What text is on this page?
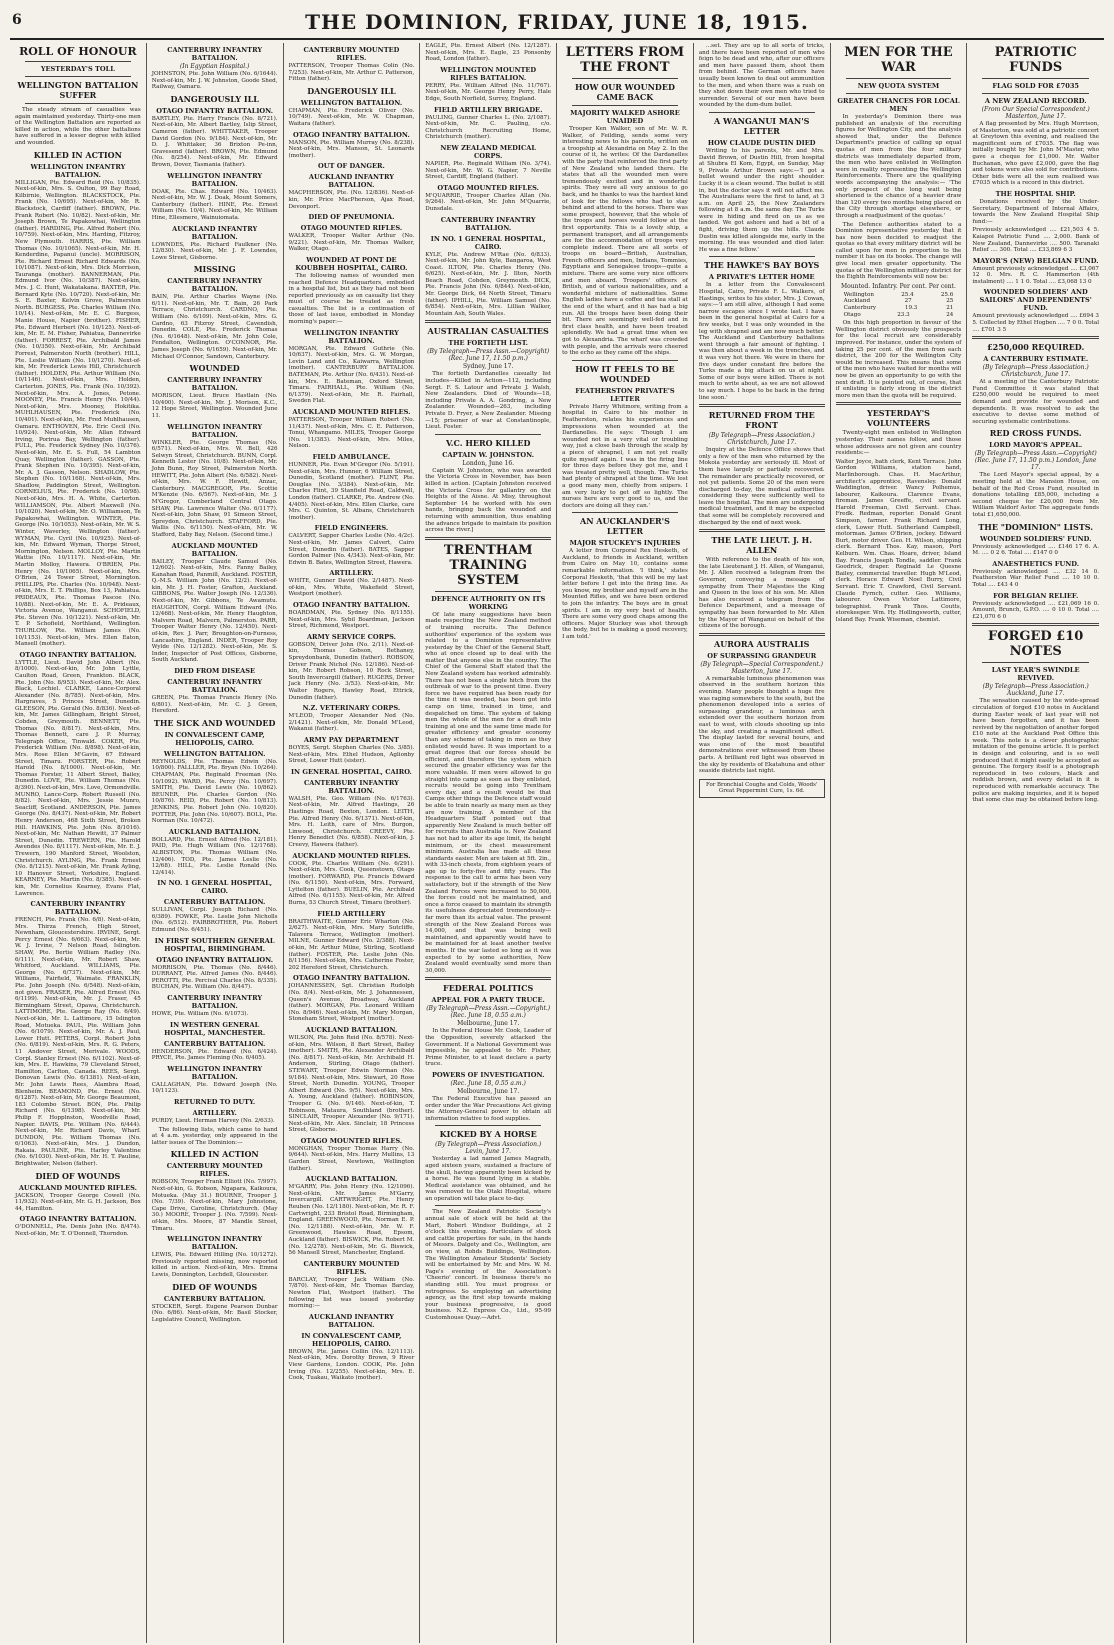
6	THE DOMINION, FRIDAY, JUNE 18, 1915.
ROLL OF HONOUR
YESTERDAY'S TOLL
WELLINGTON BATTALION SUFFER

The steady stream of casualties was again maintained yesterday. Thirty-one men of the Wellington Battalion are reported as killed in action, while the other battalions have suffered in a lesser degree with killed and wounded.

KILLED IN ACTION
WELLINGTON INFANTRY BATTALION.

MILLIGAN, Pte. Edward Reid (No. 10/835). Next-of-kin, Mrs. S. Oulton, 99 Bay Road, Kilbirnie, Wellington. BLACKSTOCK, Pte. Frank (No. 10/695). Next-of-kin, Mr. R. Blackstock, Cardiff (father). BROWN, Pte. Frank Robert (No. 10/82). Next-of-kin, Mr. Joseph Brown, Te Papakowhai, Wellington (father). HARDING, Pte. Alfred Robert (No. 10/759). Next-of-kin, Mrs. Harding, Fitzroy, New Plymouth. HARRIS, Pte. William Thomas (No. 10/1065). Next-of-kin, Mr. H. Kenderdine, Papanui (uncle). MORRISON, Pte. Richard Ernest Richard Edwards (No. 10/1087). Next-of-kin, Mrs. Dick Morrison, Tauranga (mother). BANNERMAN, Pte. Edmund Ivor (No. 10/387). Next-of-kin, Mrs. J. C. Hunt, Wakatakana. BAXTER, Pte. Bernard Kyte (No. 10/720). Next-of-kin, Mr. S. E. Baxter, Kelvin Grove, Palmerston North. BURGESS, Pte. Charles William (No. 10/14). Next-of-kin, Mr. E. C. Burgess, Manie House, Napier (brother). FISHER, Pte. Edward Herbert (No. 10/125). Next-of-kin, Mr. E. M. Fisher, Pahiatua, Dannevirke (father). FORREST, Pte. Archibald James (No. 10/350). Next-of-kin, Mr. Archibald Forrest, Palmerston North (brother). HILL, Pte. Leslie William (No. 10/1270). Next-of-kin, Mr. Frederick Lewis Hill, Christchurch (father). HOLDEN, Pte. Arthur William (No. 10/1146). Next-of-kin, Mrs. Holden, Carterton. JONES, Pte. Frank (No. 10/392). Next-of-kin, Mrs. A. Jones, Petone. MOONEY, Pte. Francis Henry (No. 10/44). Next-of-kin, Mrs. Mooney, Hokitika. MUHLHAUSEN, Pte. Frederick (No. 10/401). Next-of-kin, Mr. Fred Muhlhausen, Oamaru. ENTHOVEN, Pte. Eric Cecil (No. 10/924). Next-of-kin, Mr. Allan Edward Irving, Porirua Bay, Wellington (father). FULL, Pte. Frederick Sydney (No. 10/376). Next-of-kin, Mr. E. S. Full, 54 Lambton Quay, Wellington (father). GASSON, Pte. Frank Stephen (No. 10/395). Next-of-kin, Mr. A. J. Gasson, Nelson. SHADLOW, Pte. Stephen (No. 10/1168). Next-of-kin, Mrs. Shadlow, Paddington Street, Wellington. CORNELIUS, Pte. Frederick (No. 10/98). Next-of-kin, Mrs. H. A. White, Carterton. WILLIAMSON, Pte. Albert Maxwell (No. 10/1020). Next-of-kin, Mr. O. Williamson, Te Papakowhai, Wellington. WINTER, Pte. George (No. 10/1053). Next-of-kin, Mr. W. S. Winter, Waverley, Wellington (father). WYMAN, Pte. Cyril (No. 10/925). Next-of-kin, Mr. Edward Wyman, Thorpe Street, Mornington, Nelson. MOLLOY, Pte. Martin Wattie (No. 10/1117). Next-of-kin, Mr. Martin Molloy, Hawera. O'BRIEN, Pte. Henry (No. 10/1065). Next-of-kin, Mrs. O'Brien, 24 Tower Street, Mornington. PHILLIPS, Pte. Charles (No. 10/948). Next-of-kin, Mrs. E. T. Phillips, Box 13, Pahiatua. PRIDEAUX, Pte. Thomas Pascoe (No. 10/88). Next-of-kin, Mr. E. A. Prideaux, Victoria Avenue, Wanganui. SCHOFIELD, Pte. Steven (No. 10/1221). Next-of-kin, Mr. T. P. Schofield, Northland, Wellington. THURLOW, Pte. William James (No. 10/1153). Next-of-kin, Mrs. Ellen Eaton, Mansell (mother).

OTAGO INFANTRY BATTALION.

LYTTLE, Lieut. David John Albert (No. 8/1000). Next-of-kin, Mr. John Lyttle, Caulton Road, Green, Frankton. BLACK, Pte. John (No. 8/953). Next-of-kin, Mr. Alex. Black, Lochiel. CLARKE, Lance-Corporal Alexander (No. 8/785). Next-of-kin, Mrs. Hargraves, 5 Princes Street, Dunedin. GLEESON, Pte. Gerald (No. 8/836). Next-of-kin, Mr. James Gillingham, Bright Street, Cobden, Greymouth. BENNETT, Pte. Thomas (No. 8/817). Next-of-kin, Mrs. Thomas Bennett, care J. P. Murray, Telegraph Office, Tinwald. COKER, Pte. Frederick William (No. 8/898). Next-of-kin, Mrs. Rose Ellen M'Gavin, 67 Edward Street, Timaru. FORSTER, Pte. Robert Harold (No. 8/1000). Next-of-kin, Mr. Thomas Forster, 11 Albert Street, Bailey, Dunedin. LOVE, Pte. William Thomas (No. 8/390). Next-of-kin, Mrs. Love, Ormondville. MUNRO, Lance-Corp. Robert Russell (No. 8/82). Next-of-kin, Mrs. Jessie Munro, Seacliff, Scotland. ANDERSON, Pte. James George (No. 8/437). Next-of-kin, Mr. Robert Henry Anderson, 468 Sixth Street, Broken Hill. HAWKINS, Pte. John (No. 8/1016). Next-of-kin, Mr. Nathan Hewitt, 37 Palmer Street, Dunedin. TREWERN, Pte. Harold Awendes (No. 8/1117). Next-of-kin, Mr. E. J. Trewern, 190 Manford Street, Woolston, Christchurch. AYLING, Pte. Frank Ernest (No. 8/1215). Next-of-kin, Mr. Frank Ayling, 10 Hanover Street, Yorkshire, England. KEARNEY, Pte. Martin (No. 8/385). Next-of-kin, Mr. Cornelius Kearney, Evans Flat, Lawrence.

CANTERBURY INFANTRY BATTALION.

FRENCH, Pte. Frank (No. 6/8). Next-of-kin, Mrs. Thirza French, High Street, Newnham, Gloucestershire. IRVINE, Sergt. Percy Ernest (No. 6/663). Next-of-kin, Mr. W. J. Irvine, 7 Nelson Road, Islington. SHAW, Pte. Bertie William Radley (No. 6/111). Next-of-kin, Mr. Robert Shaw, Whitford, Auckland. WILLIAMS, Pte. George (No. 6/737). Next-of-kin, Mr. Williams, Fairfield, Waimate. FRANKLIN, Pte. John Joseph (No. 6/548). Next-of-kin, not given. FRASER, Pte. Alfred Ernest (No. 6/1199). Next-of-kin, Mr. J. Fraser, 45 Birmingham Street, Opawa, Christchurch. LATTIMORE, Pte. George Ray (No. 6/49). Next-of-kin, Mr. L. Lattimore, 15 Islington Road, Motueka. PAUL, Pte. William John (No. 6/1079). Next-of-kin, Mr. A. J. Paul, Lower Hutt. PETERS, Corpl. Robert John (No. 6/819). Next-of-kin, Mrs. R. G. Peters, 11 Andover Street, Merivale. WOODS, Corpl. Stanley Ernest (No. 6/1102). Next-of-kin, Mrs. E. Hawkins, 79 Cleveland Street, Hamilton, Carlton, Canada. REES, Sergt. Donovan Lewis (No. 6/1381). Next-of-kin, Mr. John Lewis Rees, Alambra Road, Blenheim. BEAMOND, Pte. Ernest (No. 6/1287). Next-of-kin, Mr. George Beaumont, 183 Colombo Street. BON, Pte. Philip Richard (No. 6/1398). Next-of-kin, Mr. Philip F. Hopplnston, Woodville Road, Napier. DAVIS, Pte. William (No. 6/444). Next-of-kin, Mr. Richard Davis, Wharf. DUNDON, Pte. William Thomas (No. 6/1063). Next-of-kin, Mrs. J. Dundon, Rakaia. PAULINE, Pte. Harley Valentine (No. 6/1030). Next-of-kin, Mr. H. T. Pauline, Brightwater, Nelson (father).

DIED OF WOUNDS
AUCKLAND MOUNTED RIFLES.

JACKSON, Trooper George Cowell (No. 11/932). Next-of-kin, Mr. G. H. Jackson, Box 44, Hamilton.

OTAGO INFANTRY BATTALION.

O'DONNELL, Pte. Denis John (No. 8/474). Next-of-kin, Mr. T. O'Donnell, Thorndon.

CANTERBURY INFANTRY BATTALION.
(In Egyptian Hospital.)

JOHNSTON, Pte. John William (No. 6/1644). Next-of-kin, Mr. J. W. Johnston, Goode Shed, Railway, Oamaru.

DANGEROUSLY ILL
OTAGO INFANTRY BATTALION.

BARTLEY, Pte. Harry Francis (No. 8/721). Next-of-kin, Mr. Albert Bartley, Islip Street, Cameron (father). WHITTAKER, Trooper David Gordon (No. 9/184). Next-of-kin, Mr. D. J. Whittaker, 36 Brixton Pe-inn, Gravesend (father). BROWN, Pte. Edmund (No. 8/254). Next-of-kin, Mr. Edward Brown, Dover, Tasmania (father).

WELLINGTON INFANTRY BATTALION.

DOAK, Pte. Chas. Edward (No. 10/463). Next-of-kin, Mr. W. J. Doak, Mount Somers, Canterbury (father). HINE, Pte. Ernest William (No. 10/4). Next-of-kin, Mr. William Hine, Ellesmere, Wainuiomata.

AUCKLAND INFANTRY BATTALION.

LOWNDES, Pte. Richard Faulkner (No. 12/830). Next-of-kin, Mr. J. F. Lowndes, Lowe Street, Gisborne.

MISSING
CANTERBURY INFANTRY BATTALION.

BAIN, Pte. Arthur Charles Wayne (No. 6/11). Next-of-kin, Mr. T. Bain, 26 Park Terrace, Christchurch. CARDNO, Pte. William (No. 6/109). Next-of-kin, Mrs. G. Cardno, 63 Fitzroy Street, Cavendish, Dunedin. COLE, Pte. Frederick Thomas (No. 6/1648). Next-of-kin, Mr. John Cole, Fendalton, Wellington. O'CONNOR, Pte. James Joseph (No. 6/1659). Next-of-kin, Mr. Michael O'Connor, Sandown, Canterbury.

WOUNDED
CANTERBURY INFANTRY BATTALION.

MORISON, Lieut. Bruce Hastlain (No. 10/400). Next-of-kin, Mr. J. Morison, K.C., 12 Hope Street, Wellington. Wounded June 11.

WELLINGTON INFANTRY BATTALION.

WINKLER, Pte. George Thomas (No. 6/571). Next-of-kin, Mrs. W. Bell, 426 Selwyn Street, Christchurch. BUNN, Corpl. Kenneth Lester (No. 10/8). Next-of-kin, Mr. John Bunn, Roy Street, Palmerston North. HEWITT, Pte. John Albert (No. 6/582). Next-of-kin, Mrs. W. F. Hewitt, Anzac, Canterbury. MACGREGOR, Pte. Scottie M'Kenzie (No. 6/567). Next-of-kin, Mr. J. M'Gregor, Cumberland Central Otago. SHAW, Pte. Lawrence Walter (No. 6/1177). Next-of-kin, John Shaw, 91 Simeon Street, Spreydon, Christchurch. STAFFORD, Pte. Wallis (No. 6/1150). Next-of-kin, Mr. W. Stafford, Eaby Bay, Nelson. (Second time.)

AUCKLAND MOUNTED BATTALION.

BAILEY, Trooper Claude Samuel (No. 12/602). Next-of-kin, Mrs. Fanny Bailey, Kanahan Road, Panmill, Auckland. FOSTER, Q.-M.S. William John (No. 12/2). Next-of-kin, Mr. J. H. Foster, Grafton, Auckland. GIBBONS, Pte. Walter Joseph (No. 12/336). Next-of-kin, Mr. Gibbons, Te Awamutu. HAUGHTON, Corpl. William Edward (No. 12/468). Next-of-kin, Mr. Henry Haughton, Malvern Road, Malvern, Palmerston. PARR, Trooper Walter Henry (No. 12/450). Next-of-kin, Rev. J. Parr, Broughton-on-Furness, Lancashire, England. INDER, Trooper Roy Wylde (No. 12/1282). Next-of-kin, Mr. S. Inder, Inspector of Post Offices, Gisborne, South Auckland.

DIED FROM DISEASE
CANTERBURY INFANTRY BATTALION.

GREEN, Pte. Thomas Francis Henry (No. 6/801). Next-of-kin, Mr. C. J. Green, Hereford.

THE SICK AND WOUNDED
IN CONVALESCENT CAMP, HELIOPOLIS, CAIRO.
WELLINGTON BATTALION.

REYNOLDS, Pte. Thomas Edwin (No. 10/800). FALLLER, Pte. Bryan (No. 10/264). CHAPMAN, Pte. Reginald Freeman (No. 10/1092). WARD, Pte. Percy (No. 10/697). SMITH, Pte. David Lewis (No. 10/862). BEUNER, Pte. Charles Gordon (No. 10/876). REID, Pte. Robert (No. 10/813). JENKINS, Pte. Robert John (No. 10/820). POTTER, Pte. John (No. 10/607). BOLL, Pte. Norman (No. 10/472).

AUCKLAND BATTALION.

BOLLARD, Pte. Ernest Alfred (No. 12/181). PAID, Pte. Hugh William (No. 12/1768). ALBISTON, Pte. Thomas William (No. 12/406). TOD, Pte. James Leslie (No. 12/68). HILL, Pte. Leslie Ronald (No. 12/414).

IN NO. 1 GENERAL HOSPITAL, CAIRO.
CANTERBURY BATTALION.

SULLIVAN, Corpl. Joseph Richard (No. 6/389). FOWKE, Pte. Leslie John Nicholls (No. 6/512). FAIRBROTHER, Pte. Robert Edmund (No. 6/451).

IN FIRST SOUTHERN GENERAL HOSPITAL, BIRMINGHAM.
OTAGO INFANTRY BATTALION.

MORRISON, Pte. Thomas (No. 8/446). DURRANT, Pte. Alfred James (No. 8/446). PEROTTI, Pte. Percival Charles (No. 8/335). BUCHAN, Pte. William (No. 8/447).

CANTERBURY INFANTRY BATTALION.

HOWE, Pte. William (No. 6/1073).

IN WESTERN GENERAL HOSPITAL, MANCHESTER.
CANTERBURY BATTALION.

HENDERSON, Pte. Edward (No. 6/424). PRYCE, Pte. James Fleming (No. 6/405).

WELLINGTON INFANTRY BATTALION.

CALLAGHAN, Pte. Edward Joseph (No. 10/1123).

RETURNED TO DUTY.
ARTILLERY.

PURDY, Lieut. Herman Harvey (No. 2/633).

The following lists, which came to hand at 4 a.m. yesterday, only appeared in the latter issues of The Dominion:—

KILLED IN ACTION
CANTERBURY MOUNTED RIFLES.

ROBSON, Trooper Frank Elliott (No. 7/997). Next-of-kin, G. Robson, Ngapara, Kaikoura, Motueka. (May 31.) BOURNE, Trooper J. (No. 7/39). Next-of-kin, Mary Johnstone, Cape Drive, Caroline, Christchurch. (May 30.) MOORE, Trooper J. (No. 7/599). Next-of-kin, Mrs. Moore, 87 Mandle Street, Timaru.

WELLINGTON INFANTRY BATTALION.

LEWIS, Pte. Edward Hilling (No. 10/1272). Previously reported missing, now reported killed in action. Next-of-kin, Mrs. Emma Lewis, Donnington, Lechdell, Gloucester.

DIED OF WOUNDS
CANTERBURY BATTALION.

STOCKER, Sergt. Eugene Pearson Dunbar (No. 6/86). Next-of-kin, Mr. Basil Stocker, Legislative Council, Wellington.

CANTERBURY MOUNTED RIFLES.

PATTERSON, Trooper Thomas Colin (No. 7/253). Next-of-kin, Mr. Arthur C. Patterson, Fitton (father).

DANGEROUSLY ILL
WELLINGTON BATTALION.

CHAPMAN, Pte. Frederick Oliver (No. 10/749). Next-of-kin, Mr. W. Chapman, Waitara (father).

OTAGO INFANTRY BATTALION.

MANSON, Pte. William Murray (No. 8/238). Next-of-kin, Mrs. Manson, St. Leonards (mother).

OUT OF DANGER.
AUCKLAND INFANTRY BATTALION.

MACPHERSON, Pte. (No. 12/836). Next-of-kin, Mr. Price MacPherson, Ajax Road, Devonport.

DIED OF PNEUMONIA.
OTAGO MOUNTED RIFLES.

WALKER, Trooper Walter Arthur (No. 9/221). Next-of-kin, Mr. Thomas Walker, Walker, Otago.

WOUNDED AT PONT DE KOUBBEH HOSPITAL, CAIRO.

The following names of wounded men reached Defence Headquarters, embodied in a hospital list, but as they had not been reported previously as on casualty list they must of course be treated as fresh casualties. The list is a continuation of those of last issue, embodied in Monday morning's paper:—

WELLINGTON INFANTRY BATTALION.

MORGAN, Pte. Edward Guthrie (No. 10/637). Next-of-kin, Mrs. G. W. Morgan, Levin Land and Co., Kaiwarra, Wellington (mother). CANTERBURY BATTALION. BATEMAN, Pte. Arthur (No. 6/431). Next-of-kin, Mrs. E. Bateman, Oxford Street, Timaru. FAIRHALL, Pte. William (No. 6/1379). Next-of-kin, Mr. R. Fairhall, Sweden Flat.

AUCKLAND MOUNTED RIFLES.

PATTERSON, Trooper William Robert (No. 11/437). Next-of-kin, Mrs. C. E. Patterson, Tonui, Whangamo. MILES, Trooper George (No. 11/383). Next-of-kin, Mrs. Miles, Nelson.

FIELD AMBULANCE.

HUNNER, Pte. Evan M'Gregor (No. 5/191). Next-of-kin, Mrs. Hunner, 6 William Street, Dunedin, Scotland (mother). FLINT, Pte. Douglas (No. 3/384). Next-of-kin, Mr. Charles Flint, 39 Stanfield Road, Caldwell, London (father). CLARKE, Pte. Andrew (No. 4/405). Next-of-kin, Mrs. Ellen Clarke, care Mrs. C. Quinton, St. Albans, Christchurch (mother).

FIELD ENGINEERS.

CALVERT, Sapper Charles Leslie (No. 4/2c). Next-of-kin, Mr. James Calvert, Cairo Street, Dunedin (father). BATES, Sapper Gordon Palmer (No. 4/343). Next-of-kin, Mr. Edwin B. Bates, Wellington Street, Hawera.

ARTILLERY.

WHITE, Gunner David (No. 2/1487). Next-of-kin, Mrs. White, Wakefield Street, Westport (mother).

OTAGO INFANTRY BATTALION.

BOARDMAN, Pte. Sydney (No. 8/1155). Next-of-kin, Mrs. Sybil Boardman, Jackson Street, Richmond, Westport.

ARMY SERVICE CORPS.

GOBSON, Driver John (No. 2/11). Next-of-kin, Thomas Gobson, Bethaney, Spreydonbank, Dunedin (father). ROBSON, Driver Frank Nichol (No. 12/186). Next-of-kin, Mr. Robert Robson, 10 Rock Street, South Invercargill (father). RUGERS, Driver Jack Henry (No. 3/53). Next-of-kin, Mr. Walter Rogers, Hawley Road, Ettrick, Dunedin (father).

N.Z. VETERINARY CORPS.

M'LEOD, Trooper Alexander Ned (No. 2/1421). Next-of-kin, Mr. Donald M'Leod, Wakanui (father).

ARMY PAY DEPARTMENT

BOYES, Sergt. Stephen Charles (No. 3/85). Next-of-kin, Mrs. Ethel Hudson, Aglionby Street, Lower Hutt (sister).

IN GENERAL HOSPITAL, CAIRO.
CANTERBURY INFANTRY BATTALION.

WALSH, Pte. Geo. William (No. 6/1763). Next-of-kin, Mr. Alfred Hastings, 26 Hastings Road, Bexton, London. LEITH, Pte. Alfred Henry (No. 6/1371). Next-of-kin, Mrs. H. Leith, care of Mrs. Burgon, Linwood, Christchurch. CREEVY, Pte. Henry Benedict (No. 6/858). Next-of-kin, J. Creevy, Hawera (father).

AUCKLAND MOUNTED RIFLES.

COOK, Pte. Charles William (No. 6/291). Next-of-kin, Mrs. Cook, Queenstown, Otago (mother). FORWARD, Pte. Francis Edward (No. 6/1150). Next-of-kin, Mrs. Forward, Lyttelton (father). BUELIN, Pte. Archibald Alfred (No. 6/1155). Next-of-kin, Mr. Alfred Burns, 53 Church Street, Timaru (brother).

FIELD ARTILLERY

BRAITHWAITE, Gunner Eric Wharton (No. 2/627). Next-of-kin, Mrs. Mary Sutcliffe, Talavera Terrace, Wellington (mother). MILNE, Gunner Edward (No. 2/388). Next-of-kin, Mr. Arthur Milne, Stirling, Scotland (father). FOSTER, Pte. Leslie John (No. 8/1156). Next-of-kin, Mrs. Catherine Foster, 202 Hereford Street, Christchurch.

OTAGO INFANTRY BATTALION.

JOHANNESSEN, Sgt. Christian Rudolph (No. 8/4). Next-of-kin, Mr. J. Johannessen, Queen's Avenue, Broadway, Auckland (father). MORGAN, Pte. Leonard William (No. 8/946). Next-of-kin, Mr. Mary Morgan, Stoneham Street, Westport (mother).

AUCKLAND BATTALION.

WILSON, Pte. John Reid (No. 8/578). Next-of-kin, Mrs. Wilson, 8 Bart Street, Bailey (mother). SMITH, Pte. Alexander Archibald (No. 8/817). Next-of-kin, Mr. Archibald H. Anderson, Stirling, Otago (father). STEWART, Trooper Edwin Norman (No. 9/184). Next-of-kin, Mrs. Stewart, 20 Rose Street, North Dunedin. YOUNG, Trooper Albert Edward (No. 9/5). Next-of-kin, Mrs. A. Young, Auckland (father). ROBINSON, Trooper G. (No. 9/146). Next-of-kin, T. Robinson, Mataura, Southland (brother). SINCLAIR, Trooper Alexander (No. 9/171). Next-of-kin, Mr. Alex. Sinclair, 18 Princess Street, Gisborne.

OTAGO MOUNTED RIFLES.

MONGHAN, Trooper Thomas Harry (No. 9/644). Next-of-kin, Mrs. Harry Mullins, 13 Garden Street, Newtown, Wellington (father).

AUCKLAND BATTALION.

M'GARRY, Pte. John Henry (No. 12/1096). Next-of-kin, Mr. James M'Garry, Invercargill. CARTWRIGHT, Pte. Henry Reuben (No. 12/1180). Next-of-kin, Mr. R. F. Cartwright, 233 Bristol Road, Birmingham, England. GREENWOOD, Pte. Norman E. P. (No. 12/1188). Next-of-kin, Mr. W. F. Greenwood, Hawkes Road, Epsom, Auckland (father). BISWICK, Pte. Robert M. (No. 12/278). Next-of-kin, Mr. G. Biswick, 56 Mansell Street, Manchester, England.

CANTERBURY MOUNTED RIFLES.

BARCLAY, Trooper Jack William (No. 7/870). Next-of-kin, Mr. Thomas Barclay, Newton Flat, Westport (father). The following list was issued yesterday morning:—

AUCKLAND INFANTRY BATTALION.
IN CONVALESCENT CAMP, HELIOPOLIS, CAIRO.

BROWN, Pte. James Collin (No. 12/1113). Next-of-kin, Mrs. Dorothy Brown, 9 River View Gardens, London. COOK, Pte. John Irving (No. 12/255). Next-of-kin, Mrs. E. Cook, Tuakau, Waikato (mother).

EAGLE, Pte. Ernest Albert (No. 12/1287). Next-of-kin, Mrs. E. Eagle, 23 Ponsonby Road, London (father).

WELLINGTON MOUNTED RIFLES BATTALION.

PERRY, Pte. William Alfred (No. 11/767). Next-of-kin, Mr. George Henry Perry, Hale Edge, South Norfield, Surrey, England.

FIELD ARTILLERY BRIGADE.

PAULING, Gunner Charles L. (No. 2/1087). Next-of-kin, Mr. C. Pauling, c/o. Christchurch Recruiting Home, Christchurch (mother).

NEW ZEALAND MEDICAL CORPS.

NAPIER, Pte. Reginald William (No. 3/74). Next-of-kin, Mr. W. G. Napier, 7 Neville Street, Cardiff, England (father).

OTAGO MOUNTED RIFLES.

M'QUARRIE, Trooper Charles Allan (No. 9/264). Next-of-kin, Mr. John M'Quarrie, Dunsdale.

CANTERBURY INFANTRY BATTALION.
IN NO. 1 GENERAL HOSPITAL, CAIRO.

KYLE, Pte. Andrew M'Rae (No. 6/833). Next-of-kin, Mr. John Kyle, Bangaroa, West Coast. ILTON, Pte. Charles Henry (No. 6/625). Next-of-kin, Mr. J. Ilton, North Beach Road, Cobden, Greymouth. DICK, Pte. Francis John (No. 6/844). Next-of-kin, Mr. George Dick, 64 North Street, Timaru (father). IPHILL, Pte. William Samuel (No. 6/854). Next-of-kin, Mrs. Lillian Walker, Mountain Ash, South Wales.

AUSTRALIAN CASUALTIES
THE FORTIETH LIST.
(By Telegraph—Press Assn.—Copyright) (Rec. June 17, 11.50 p.m.)
Sydney, June 17.

The fortieth Dardanelles casualty list includes—Killed in Action—112, including Sergt. F. S. Latour and Private J. Walsh, New Zealanders. Died of Wounds—18, including Private A. A. Gondring, a New Zealander. Wounded—263, including Private D. Fryer, a New Zealander. Missing—15; prisoner of war at Constantinople, Lieut. Foster.

V.C. HERO KILLED
CAPTAIN W. JOHNSTON.
London, June 16.

Captain W. Johnston, who was awarded the Victoria Cross in November, has been killed in action. [Captain Johnston received the Victoria Cross for gallantry on the Heights of the Aisne. At Misy, throughout September 14 he worked with his own hands, bringing back the wounded and returning with ammunition, thus enabling the advance brigade to maintain its position across the river.]

TRENTHAM TRAINING SYSTEM
DEFENCE AUTHORITY ON ITS WORKING

Of late many suggestions have been made respecting the New Zealand method of training recruits. The Defence authorities' experience of the system was related to a Dominion representative yesterday by the Chief of the General Staff, who at once closed up to deal with the matter that anyone else in the country. The Chief of the General Staff stated that the New Zealand system has worked admirably. There has not been a single hitch from the outbreak of war to the present time. Every force we have required has been ready for the time it was needed, has been got into camp on time, trained in time, and despatched on time. The system of taking men the whole of the men for a draft into training at one and the same time made for greater efficiency and greater economy than any scheme of taking in men as they enlisted would have. It was important to a great degree that our forces should be efficient, and therefore the system which secured the greater efficiency was far the more valuable. If men were allowed to go straight into camp as soon as they enlisted, recruits would be going into Trentham every day, and a result would be that Camps other things the Defence staff would be able to train nearly as many men as they are now training. A member of the Headquarters Staff pointed out that apparently New Zealand is much better off for recruits than Australia is. New Zealand has not had to alter its age limit, its height minimum, or its chest measurement minimum. Australia has made all these standards easier. Men are taken at 5ft. 2in., with 33-inch chests, from eighteen years of age up to forty-five and fifty years. The response to the call to arms has been very satisfactory, but if the strength of the New Zealand Forces were increased to 50,000, the forces could not be maintained, and once a force ceased to maintain its strength its usefulness depreciated tremendously—far more than its actual value. The present strength of the New Zealand Forces was 14,000, and that was being well maintained, and apparently would have to be maintained for at least another twelve months. If the war lasted so long as it was expected to by some authorities, New Zealand would eventually send more than 30,000.

FEDERAL POLITICS
APPEAL FOR A PARTY TRUCE.
(By Telegraph—Press Assn.—Copyright.) (Rec. June 18, 0.55 a.m.)
Melbourne, June 17.

In the Federal House Mr. Cook, Leader of the Opposition, severely attacked the Government. If a National Government was impossible, he appealed to Mr. Fisher, Prime Minister, to at least declare a party truce.

POWERS OF INVESTIGATION.
(Rec. June 18, 0.55 a.m.)
Melbourne, June 17.

The Federal Executive has passed an order under the War Precautions Act giving the Attorney-General power to obtain all information relative to food supplies.

KICKED BY A HORSE
(By Telegraph—Press Association.) Levin, June 17.

Yesterday a lad named James Magrath, aged sixteen years, sustained a fracture of the skull, having apparently been kicked by a horse. He was found lying in a stable. Medical assistance was obtained, and he was removed to the Otaki Hospital, where an operation will take place to-day.

The New Zealand Patriotic Society's annual sale of stock will be held at the Mart, Robert Windsor Buildings, at 2 o'clock this evening. Particulars of stock and cattle properties for sale, in the hands of Messrs. Dalgety and Co., Wellington, are on view, at Rohds Buildings, Wellington. The Wellington Amateur Students' Society will be entertained by Mr. and Mrs. W. M. Page's evening of the Association's 'Cheerio' concert. In business there's no standing still. You must progress or retrogress. So employing an advertising agency, as the first step towards making your business progressive, is good business. N.Z. Express Co., Ltd., 95-99 Customhouse Quay.—Advt.

LETTERS FROM THE FRONT
HOW OUR WOUNDED CAME BACK
MAJORITY WALKED ASHORE UNAIDED

Trooper Ken Walker, son of Mr. W. R. Walker, of Feilding, sends some very interesting news to his parents, written on a troopship at Alexandria on May 2. In the course of it, he writes: Of the Dardanelles with the party that reinforced the first party of New Zealand who landed there. He states that all the wounded men were tremendously excited and in wonderful spirits. They were all very anxious to go back, and he thanks to was the hardest kind of look for the fellows who had to stay behind and attend to the horses. There was some prospect, however, that the whole of the troops and horses would follow at the first opportunity. This is a lovely ship, a permanent transport, and all arrangements are for the accommodation of troops very complete indeed. There are all sorts of troops on board—British, Australian, French officers and men, Indians, Tommies, Egyptians and Senegalese troops—quite a mixture. There are some very nice officers and men aboard. Troopers' officers of British, and of various nationalities, and a wonderful mixture of nationalities. Some English ladies have a coffee and tea stall at the end of the wharf, and it has had a big run. All the troops have been doing their bit. There are seemingly well-fed and in first class health, and have been treated splendidly. We had a great time when we got to Alexandria. The wharf was crowded with people, and the arrivals were cheered to the echo as they came off the ships.

HOW IT FEELS TO BE WOUNDED
FEATHERSTON PRIVATE'S LETTER

Private Harry Whitmore, writing from a hospital in Cairo to his mother in Featherston, relates his experiences and impressions when wounded at the Dardanelles. He says: 'Though I am wounded not in a very vital or troubling way, just a close bash through the scalp by a piece of shrapnel, I am not yet really quite myself again. I was in the firing line for three days before they got me, and I was treated pretty well, though. The Turks had plenty of shrapnel at the time. We lost a good many men, chiefly from snipers. I am very lucky to get off so lightly. The nurses here are very good to us, and the doctors are doing all they can.'

AN AUCKLANDER'S LETTER
MAJOR STUCKEY'S INJURIES

A letter from Corporal Rex Hesketh, of Auckland, to friends in Auckland, written from Cairo on May 10, contains some remarkable information. 'I think,' states Corporal Hesketh, 'that this will be my last letter before I get into the firing line. As you know, my brother and myself are in the Mounted Rifles, and we have been ordered to join the infantry. The boys are in great spirits. I am in my very best of health. There are some very good chaps among the officers. Major Stuckey was shot through the body, but he is making a good recovery, I am told.'

...set. They are up to all sorts of tricks, and there have been reported of men who feign to be dead and who, after our officers and men have passed them, shoot them from behind. The German officers have usually been known to deal out ammunition to the men, and when there was a rush on they shot down their own men who tried to surrender. Several of our men have been wounded by the dum-dum bullet.

A WANGANUI MAN'S LETTER
HOW CLAUDE DUSTIN DIED

Writing to his parents, Mr. and Mrs. David Brown, of Dustin Hill, from hospital at Shubra El Kom, Egypt, on Sunday, May 9, Private Arthur Brown says:—'I got a bullet wound under the right shoulder. Lucky it is a clean wound. The bullet is still in, but the doctor says it will not affect me. The Australians were the first to land, at 3 a.m. on April 25, the New Zealanders following at 8 a.m. the same day. The Turks were in hiding and fired on us as we landed. We got ashore and had a bit of a fight, driving them up the hills. Claude Dustin was killed alongside me, early in the morning. He was wounded and died later. He was a fine fellow.'

THE HAWKE'S BAY BOYS
A PRIVATE'S LETTER HOME

In a letter from the Convalescent Hospital, Cairo, Private F. L. Walkers, of Hastings, writes to his sister, Mrs. J. Cowan, says:—'I am still alive, although I had some narrow escapes since I wrote last. I have been in the general hospital at Cairo for a few weeks, but I was only wounded in the leg with shrapnel and am now much better. The Auckland and Canterbury battalions went through a fair amount of fighting. I was then about a week in the trenches, and it was very hot there. We were in there for five days under constant fire before the Turks made a big attack on us at night. Some of our boys were killed. There is not much to write about, as we are not allowed to say much. I hope to be back in the firing line soon.'

RETURNED FROM THE FRONT
(By Telegraph—Press Association.) Christchurch, June 17.

Inquiry at the Defence Office shows that only a few of the men who returned by the Mokoia yesterday are seriously ill. Most of them have largely or partially recovered. The remainder are practically recovered, or not yet patients. Some 20 of the men were discharged to-day, the medical authorities considering they were sufficiently well to leave the hospital. The men are undergoing medical treatment, and it may be expected that some will be completely recovered and discharged by the end of next week.

THE LATE LIEUT. J. H. ALLEN

With reference to the death of his son, the late Lieutenant J. H. Allen, of Wanganui, Mr. J. Allen received a telegram from the Governor, conveying a message of sympathy from Their Majesties the King and Queen in the loss of his son. Mr. Allen has also received a telegram from the Defence Department, and a message of sympathy has been forwarded to Mr. Allen by the Mayor of Wanganui on behalf of the citizens of the borough.

AURORA AUSTRALIS
OF SURPASSING GRANDEUR
(By Telegraph—Special Correspondent.) Masterton, June 17.

A remarkable luminous phenomenon was observed in the southern horizon this evening. Many people thought a huge fire was raging somewhere to the south, but the phenomenon developed into a series of surpassing grandeur, a luminous arch extended over the southern horizon from east to west, with clouds shooting up into the sky, and creating a magnificent effect. The display lasted for several hours, and was one of the most beautiful demonstrations ever witnessed from these parts. A brilliant red light was observed in the sky by residents of Ekatahuna and other seaside districts last night.

For Bronchial Coughs and Colds, Woods' Great Peppermint Cure, 1s. 6d.
MEN FOR THE WAR
NEW QUOTA SYSTEM
GREATER CHANCES FOR LOCAL MEN

In yesterday's Dominion there was published an analysis of the recruiting figures for Wellington City, and the analysis showed that, under the Defence Department's practice of calling up equal quotas of men from the four military districts was immediately departed from, the men who have enlisted in Wellington were in reality representing the Wellington Reinforcements. There are the qualifying words accompanying the analysis:— 'The only prospect of the long wait being shortened is the chance of a heavier draw than 120 every two months being placed on the City through shortage elsewhere, or through a readjustment of the quotas.'

The Defence authorities stated to a Dominion representative yesterday that it has now been decided to readjust the quotas so that every military district will be called upon for men in proportion to the number it has on its books. The change will give local men greater opportunity. The quotas of the Wellington military district for the Eighth Reinforcements will now be:

Mounted. Infantry. Per cent. Per cent.
Wellington	25.4	25.6
Auckland	27	25
Canterbury	19.3	21
Otago	23.3	24

On this high proportion in favour of the Wellington district obviously the prospects for the local recruit are considerably improved. For instance, under the system of taking 25 per cent. of the men from each district, the 200 for the Wellington City would be increased. This means that some of the men who have waited for months will now be given an opportunity to go with the next draft. It is pointed out, of course, that if enlisting is fairly strong in the district more men than the quota will be required.

YESTERDAY'S VOLUNTEERS

Twenty-eight men enlisted in Wellington yesterday. Their names follow, and those whose addresses are not given are country residents:—

Walter Joyce, bath clerk, Kent Terrace. John Gordon Williams, station hand, Marlinborough. Chas. H. MacArthur, architect's apprentice, Ravensley. Donald Waddington, driver. Wancy Polhemus, labourer, Kaikoura. Clarence Evans, fireman. James Greeffe, civil servant. Harold Freeman, Civil Servant. Chas. Fredk. Redman, reporter. Donald Grant Simpson, farmer. Frank Richard Long, clerk, Lower Hutt. Sutherland Campbell, motorman. James O'Brien, jockey. Edward Burt, motor driver. Geo. H. Wilson, shipping clerk. Bernard Thos. Kay, mason, Port Kelburn. Wm. Chas. Hoare, driver, Island Bay. Francis Joseph Tondle, saddler. Frank Goodrick, draper. Reginald Le Quesne Bailey, commercial traveller. Hugh M'Leod, clerk. Horace Edward Noel Burry, Civil Servant. Eric T. Crawford, Civil Servant. Claude Fyrnch, cutter. Geo. Williams, labourer. Owen Victor Lattimore, telegraphist. Frank Thos. Coutts, storekeeper. Wm. Hy. Hollingsworth, cutter, Island Bay. Frank Wiseman, chemist.

PATRIOTIC FUNDS
FLAG SOLD FOR £7035
A NEW ZEALAND RECORD.
(From Our Special Correspondent.) Masterton, June 17.

A flag presented by Mrs. Hugh Morrison, of Masterton, was sold at a patriotic concert at Greytown this evening, and realised the magnificent sum of £7035. The flag was initially bought by Mr. John M'Master, who gave a cheque for £1,000. Mr. Walter Buchanan, who gave £2,000, gave the flag and tokens were also sold for contributions. Other bids were all the sum realised was £7035 which is a record in this district.

THE HOSPITAL SHIP.

Donations received by the Under-Secretary, Department of Internal Affairs, towards the New Zealand Hospital Ship fund:—

Previously acknowledged .... £21,503 4 5. Kaiapoi Patriotic Fund .... 2,000. Bank of New Zealand, Dannevirke .... 500. Taranaki Relief .... 300. Total .... £33,869 6 3

MAYOR'S (NEW) BELGIAN FUND.

Amount previously acknowledged .... £3,067 12 0. Mrs. R. C. Hammerton (4th instalment) .... 1 1 0. Total .... £3,068 13 0

WOUNDED SOLDIERS' AND SAILORS' AND DEPENDENTS' FUND.

Amount previously acknowledged .... £694 3 5. Collected by Ethel Hogben .... 7 0 0. Total .... £701 3 5

£250,000 REQUIRED.
A CANTERBURY ESTIMATE.
(By Telegraph—Press Association.) Christchurch, June 17.

At a meeting of the Canterbury Patriotic Fund Committee it was stated that £250,000 would be required to meet demand and provide for wounded and dependents. It was resolved to ask the executive to devise some method of securing systematic contributions.

RED CROSS FUNDS.
LORD MAYOR'S APPEAL.
(By Telegraph—Press Assn.—Copyright) (Rec. June 17, 11.50 p.m.) London, June 17.

The Lord Mayor's special appeal, by a meeting held at the Mansion House, on behalf of the Red Cross Fund, resulted in donations totalling £85,000, including a second cheque for £20,000 from Mr. William Waldorf Astor. The aggregate funds total £1,650,000.

THE "DOMINION" LISTS.
WOUNDED SOLDIERS' FUND.

Previously acknowledged .... £146 17 6. A. M. .... 0 2 6. Total .... £147 0 0

ANAESTHETICS FUND.

Previously acknowledged .... £32 14 0. Featherston War Relief Fund .... 10 10 0. Total .... £43 4 0

FOR BELGIAN RELIEF.

Previously acknowledged .... £21,069 16 0. Amount, Brunch, G.P.O. .... 0 10 0. Total .... £21,070 6 0

FORGED £10 NOTES
LAST YEAR'S SWINDLE REVIVED.
(By Telegraph—Press Association.) Auckland, June 17.

The sensation caused by the wide-spread circulation of forged £10 notes in Auckland during Easter week of last year will not have been forgotten, and it has been revived by the negotiation of another forged £10 note at the Auckland Post Office this week. This note is a clever photographic imitation of the genuine article. It is perfect in design and colouring, and is so well produced that it might easily be accepted as genuine. The forgery itself is a photograph reproduced in two colours, black and reddish brown, and every detail in it is reproduced with remarkable accuracy. The police are making inquiries, and it is hoped that some clue may be obtained before long.
